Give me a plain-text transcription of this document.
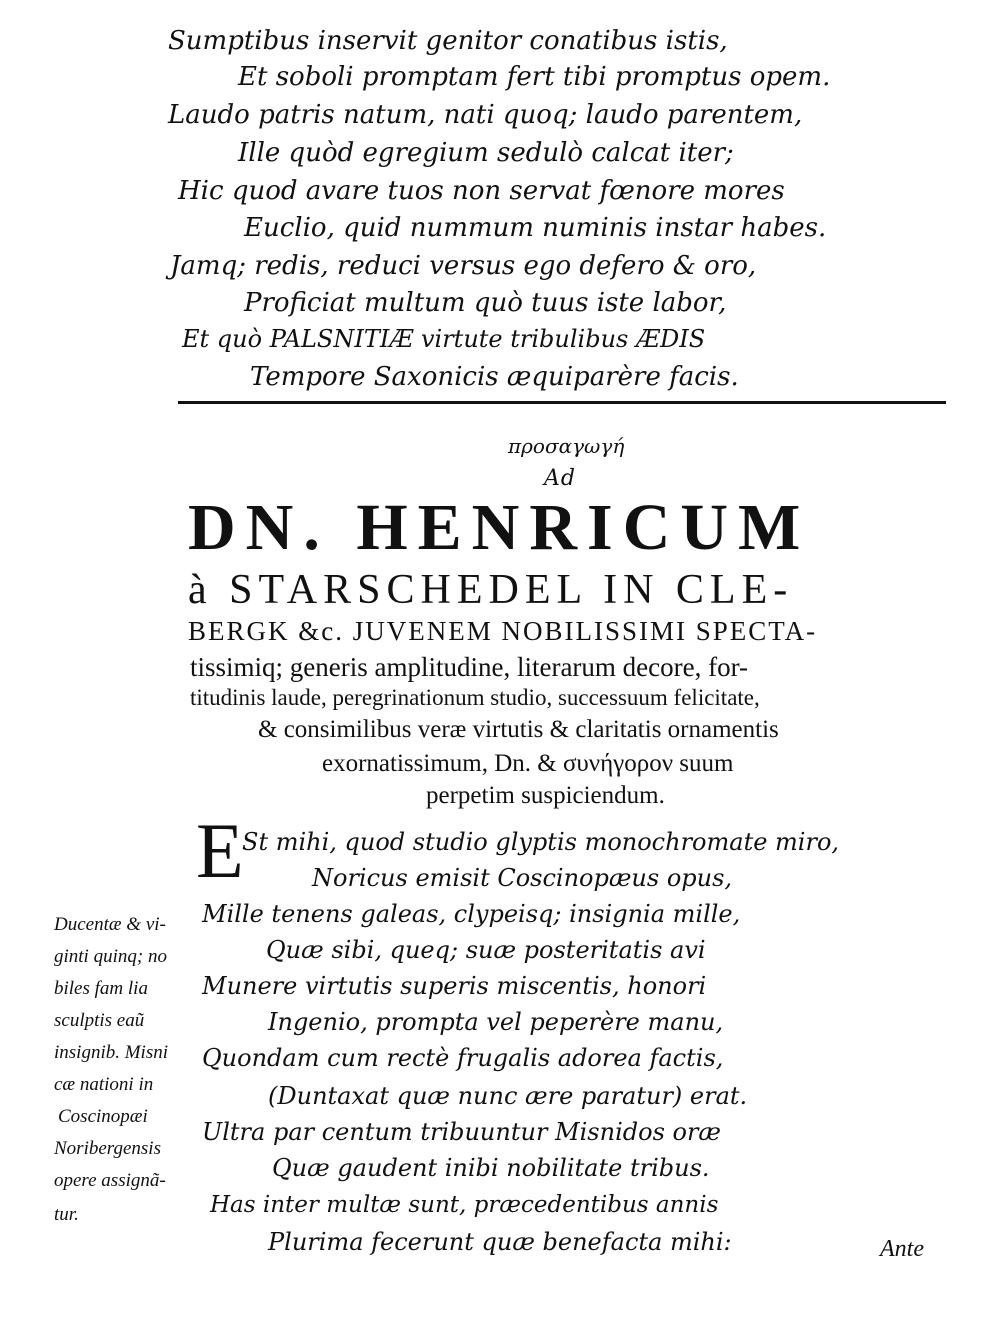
Sumptibus inservit genitor conatibus istis,
Et soboli promptam fert tibi promptus opem.
Laudo patris natum, nati quoq; laudo parentem,
Ille quòd egregium sedulò calcat iter;
Hic quod avare tuos non servat fœnore mores
Euclio, quid nummum numinis instar habes.
Jamq; redis, reduci versus ego defero & oro,
Proficiat multum quò tuus iste labor,
Et quò PALSNITIÆ virtute tribulibus ÆDIS
Tempore Saxonicis æquiparère facis.
προσαγωγή
Ad
DN. HENRICUM
à STARSCHEDEL IN CLE-
BERGK &c. JUVENEM NOBILISSIMI SPECTA-
tissimiq; generis amplitudine, literarum decore, for-
titudinis laude, peregrinationum studio, successuum felicitate,
& consimilibus veræ virtutis & claritatis ornamentis
exornatissimum, Dn. & συνήγορον suum
perpetim suspiciendum.
E
St mihi, quod studio glyptis monochromate miro,
Noricus emisit Coscinopæus opus,
Mille tenens galeas, clypeisq; insignia mille,
Quæ sibi, queq; suæ posteritatis avi
Munere virtutis superis miscentis, honori
Ingenio, prompta vel peperère manu,
Quondam cum rectè frugalis adorea factis,
(Duntaxat quæ nunc ære paratur) erat.
Ultra par centum tribuuntur Misnidos oræ
Quæ gaudent inibi nobilitate tribus.
Has inter multæ sunt, præcedentibus annis
Plurima fecerunt quæ benefacta mihi:
Ducentæ & vi-
ginti quinq; no
biles fam lia
sculptis eaũ
insignib. Misni
cæ nationi in
Coscinopæi
Noribergensis
opere assignã-
tur.
Ante
